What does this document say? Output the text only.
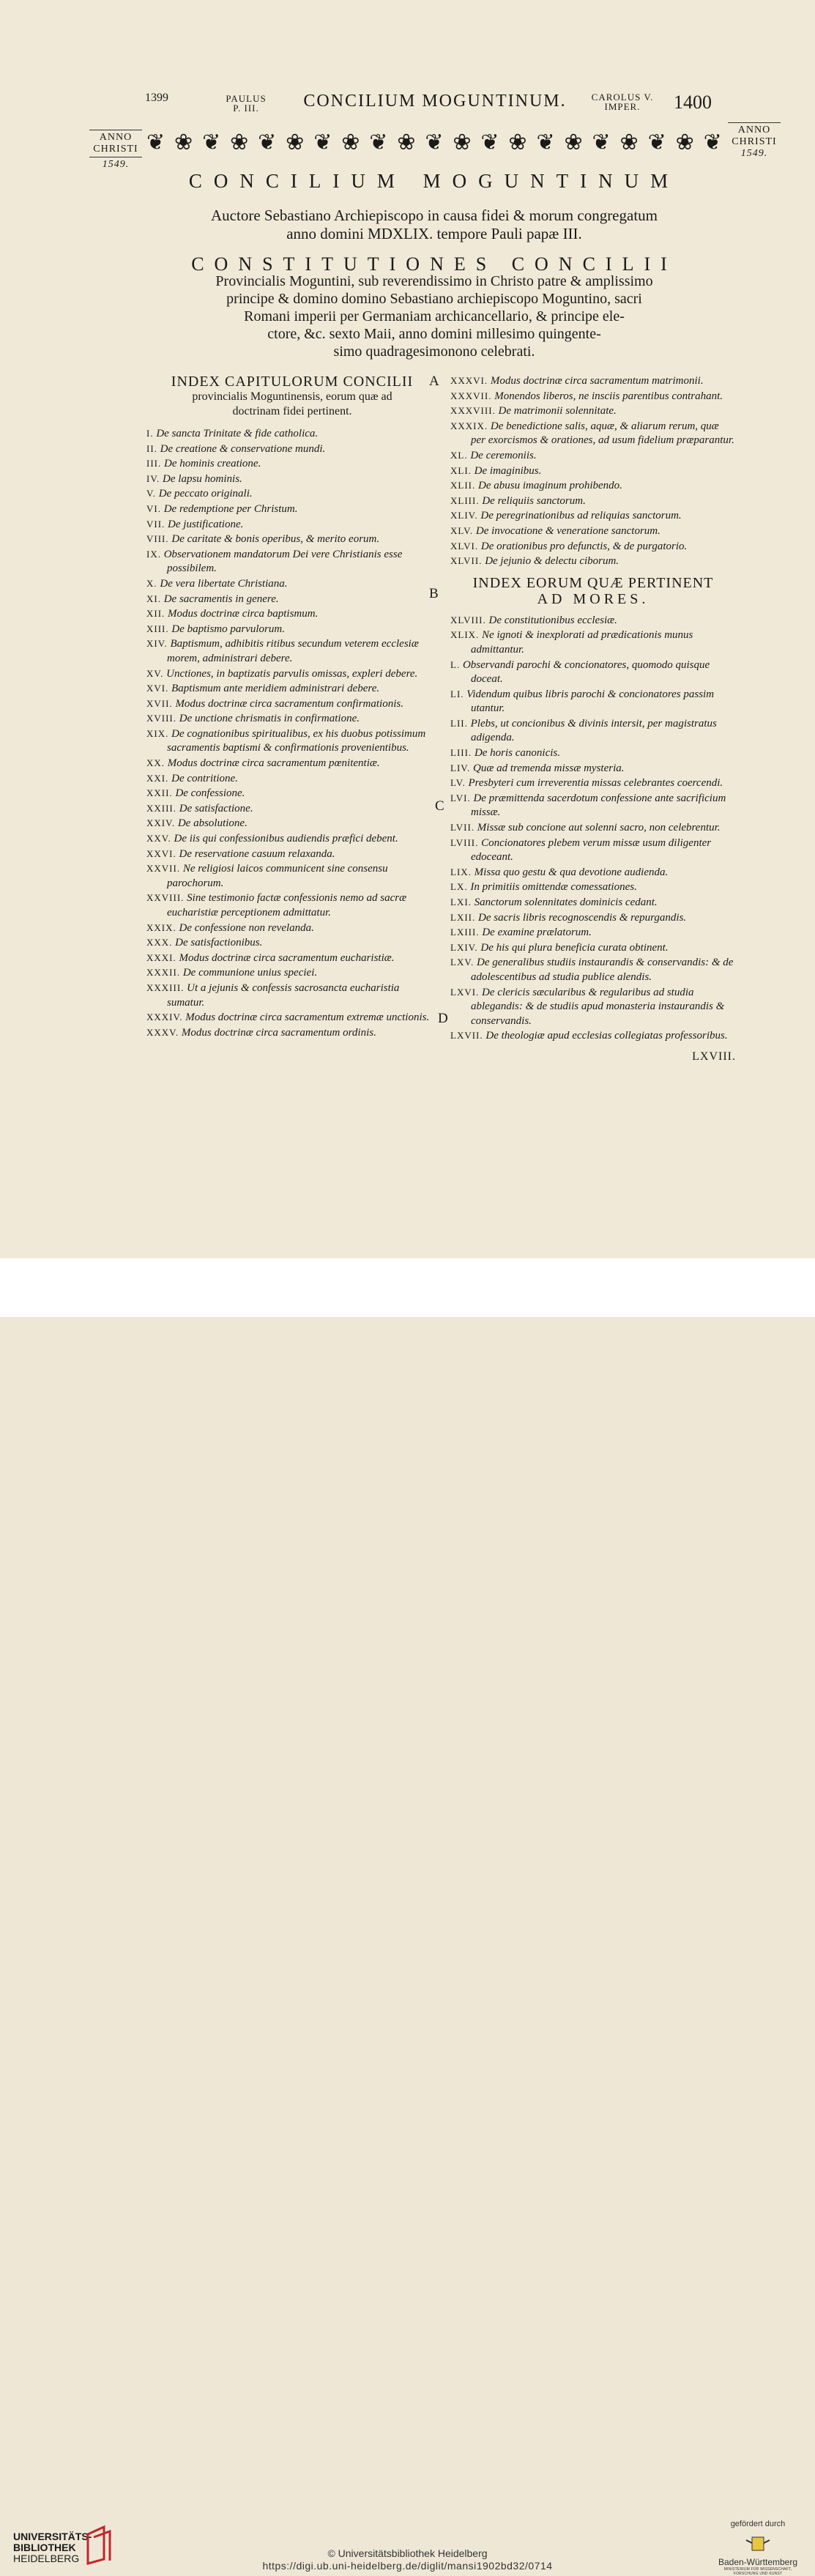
1399	PAULUS
P. III.	CONCILIUM MOGUNTINUM.	CAROLUS V.
IMPER.	1400
ANNO
CHRISTI
1549.
ANNO
CHRISTI
1549.
❦ ❀ ❦ ❀ ❦ ❀ ❦ ❀ ❦ ❀ ❦ ❀ ❦ ❀ ❦ ❀ ❦ ❀ ❦ ❀ ❦
CONCILIUM MOGUNTINUM
Auctore Sebastiano Archiepiscopo in causa fidei & morum congregatum
anno domini MDXLIX. tempore Pauli papæ III.
CONSTITUTIONES CONCILII
Provincialis Moguntini, sub reverendissimo in Christo patre & amplissimo
principe & domino domino Sebastiano archiepiscopo Moguntino, sacri
Romani imperii per Germaniam archicancellario, & principe ele-
ctore, &c. sexto Maii, anno domini millesimo quingente-
simo quadragesimonono celebrati.
INDEX CAPITULORUM CONCILII
provincialis Moguntinensis, eorum quæ ad
doctrinam fidei pertinent.
I. De sancta Trinitate & fide catholica.
II. De creatione & conservatione mundi.
III. De hominis creatione.
IV. De lapsu hominis.
V. De peccato originali.
VI. De redemptione per Christum.
VII. De justificatione.
VIII. De caritate & bonis operibus, & merito eorum.
IX. Observationem mandatorum Dei vere Christianis esse possibilem.
X. De vera libertate Christiana.
XI. De sacramentis in genere.
XII. Modus doctrinæ circa baptismum.
XIII. De baptismo parvulorum.
XIV. Baptismum, adhibitis ritibus secundum veterem ecclesiæ morem, administrari debere.
XV. Unctiones, in baptizatis parvulis omissas, expleri debere.
XVI. Baptismum ante meridiem administrari debere.
XVII. Modus doctrinæ circa sacramentum confirmationis.
XVIII. De unctione chrismatis in confirmatione.
XIX. De cognationibus spiritualibus, ex his duobus potissimum sacramentis baptismi & confirmationis provenientibus.
XX. Modus doctrinæ circa sacramentum pœnitentiæ.
XXI. De contritione.
XXII. De confessione.
XXIII. De satisfactione.
XXIV. De absolutione.
XXV. De iis qui confessionibus audiendis præfici debent.
XXVI. De reservatione casuum relaxanda.
XXVII. Ne religiosi laicos communicent sine consensu parochorum.
XXVIII. Sine testimonio factæ confessionis nemo ad sacræ eucharistiæ perceptionem admittatur.
XXIX. De confessione non revelanda.
XXX. De satisfactionibus.
XXXI. Modus doctrinæ circa sacramentum eucharistiæ.
XXXII. De communione unius speciei.
XXXIII. Ut a jejunis & confessis sacrosancta eucharistia sumatur.
XXXIV. Modus doctrinæ circa sacramentum extremæ unctionis.
XXXV. Modus doctrinæ circa sacramentum ordinis.
XXXVI. Modus doctrinæ circa sacramentum matrimonii.
XXXVII. Monendos liberos, ne insciis parentibus contrahant.
XXXVIII. De matrimonii solennitate.
XXXIX. De benedictione salis, aquæ, & aliarum rerum, quæ per exorcismos & orationes, ad usum fidelium præparantur.
XL. De ceremoniis.
XLI. De imaginibus.
XLII. De abusu imaginum prohibendo.
XLIII. De reliquiis sanctorum.
XLIV. De peregrinationibus ad reliquias sanctorum.
XLV. De invocatione & veneratione sanctorum.
XLVI. De orationibus pro defunctis, & de purgatorio.
XLVII. De jejunio & delectu ciborum.
INDEX EORUM QUÆ PERTINENT
AD MORES.
XLVIII. De constitutionibus ecclesiæ.
XLIX. Ne ignoti & inexplorati ad prædicationis munus admittantur.
L. Observandi parochi & concionatores, quomodo quisque doceat.
LI. Videndum quibus libris parochi & concionatores passim utantur.
LII. Plebs, ut concionibus & divinis intersit, per magistratus adigenda.
LIII. De horis canonicis.
LIV. Quæ ad tremenda missæ mysteria.
LV. Presbyteri cum irreverentia missas celebrantes coercendi.
LVI. De præmittenda sacerdotum confessione ante sacrificium missæ.
LVII. Missæ sub concione aut solenni sacro, non celebrentur.
LVIII. Concionatores plebem verum missæ usum diligenter edoceant.
LIX. Missa quo gestu & qua devotione audienda.
LX. In primitiis omittendæ comessationes.
LXI. Sanctorum solennitates dominicis cedant.
LXII. De sacris libris recognoscendis & repurgandis.
LXIII. De examine prælatorum.
LXIV. De his qui plura beneficia curata obtinent.
LXV. De generalibus studiis instaurandis & conservandis: & de adolescentibus ad studia publice alendis.
LXVI. De clericis sæcularibus & regularibus ad studia ablegandis: & de studiis apud monasteria instaurandis & conservandis.
LXVII. De theologiæ apud ecclesias collegiatas professoribus.
LXVIII.
A
B
C
D
UNIVERSITÄTS-
BIBLIOTHEK
HEIDELBERG	© Universitätsbibliothek Heidelberg
https://digi.ub.uni-heidelberg.de/diglit/mansi1902bd32/0714
gefördert durch
Baden-Württemberg
MINISTERIUM FÜR WISSENSCHAFT, FORSCHUNG UND KUNST
